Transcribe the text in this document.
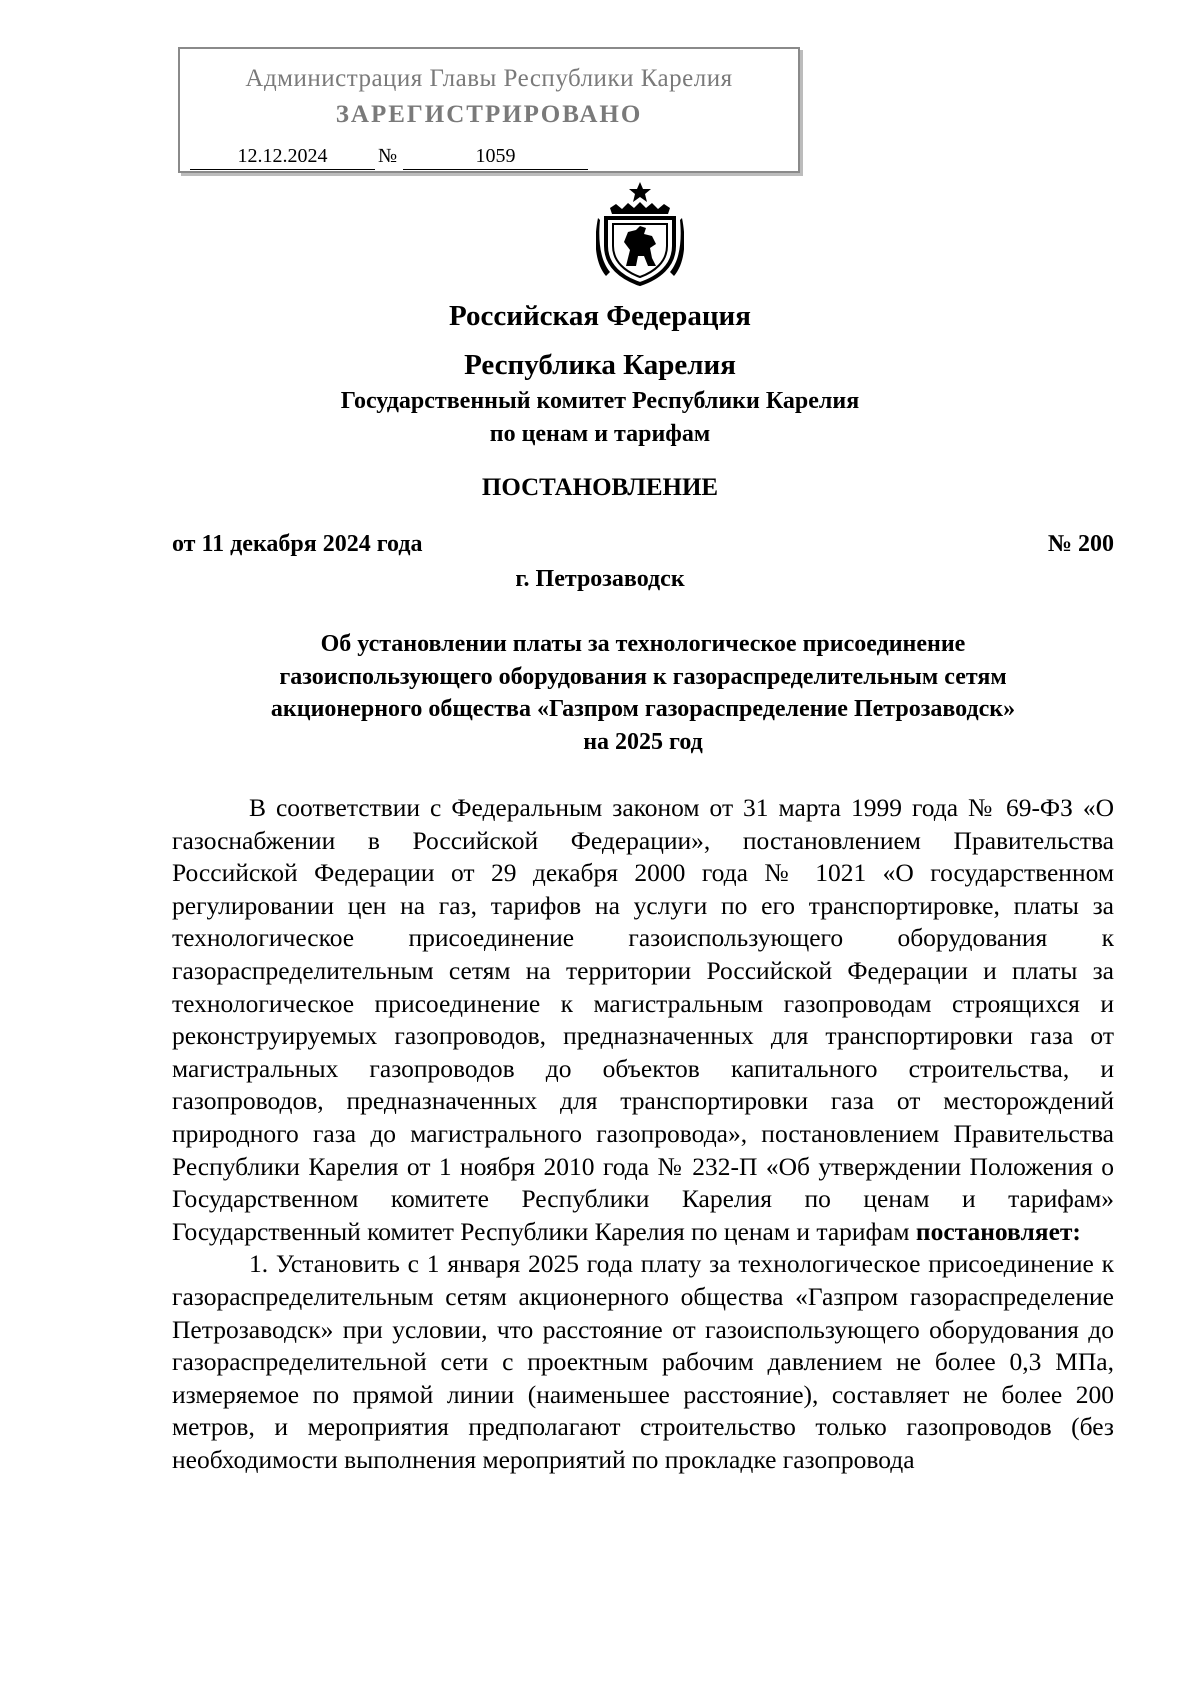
Администрация Главы Республики Карелия
ЗАРЕГИСТРИРОВАНО
12.12.2024	№	1059
Российская Федерация
Республика Карелия
Государственный комитет Республики Карелия
по ценам и тарифам
ПОСТАНОВЛЕНИЕ
от 11 декабря 2024 года	№ 200
г. Петрозаводск
Об установлении платы за технологическое присоединение
газоиспользующего оборудования к газораспределительным сетям
акционерного общества «Газпром газораспределение Петрозаводск»
на 2025 год

В соответствии с Федеральным законом от 31 марта 1999 года № 69-ФЗ «О газоснабжении в Российской Федерации», постановлением Правительства Российской Федерации от 29 декабря 2000 года № 1021 «О государственном регулировании цен на газ, тарифов на услуги по его транспортировке, платы за технологическое присоединение газоиспользующего оборудования к газораспределительным сетям на территории Российской Федерации и платы за технологическое присоединение к магистральным газопроводам строящихся и реконструируемых газопроводов, предназначенных для транспортировки газа от магистральных газопроводов до объектов капитального строительства, и газопроводов, предназначенных для транспортировки газа от месторождений природного газа до магистрального газопровода», постановлением Правительства Республики Карелия от 1 ноября 2010 года № 232-П «Об утверждении Положения о Государственном комитете Республики Карелия по ценам и тарифам» Государственный комитет Республики Карелия по ценам и тарифам постановляет:

1. Установить с 1 января 2025 года плату за технологическое присоединение к газораспределительным сетям акционерного общества «Газпром газораспределение Петрозаводск» при условии, что расстояние от газоиспользующего оборудования до газораспределительной сети с проектным рабочим давлением не более 0,3 МПа, измеряемое по прямой линии (наименьшее расстояние), составляет не более 200 метров, и мероприятия предполагают строительство только газопроводов (без необходимости выполнения мероприятий по прокладке газопровода
